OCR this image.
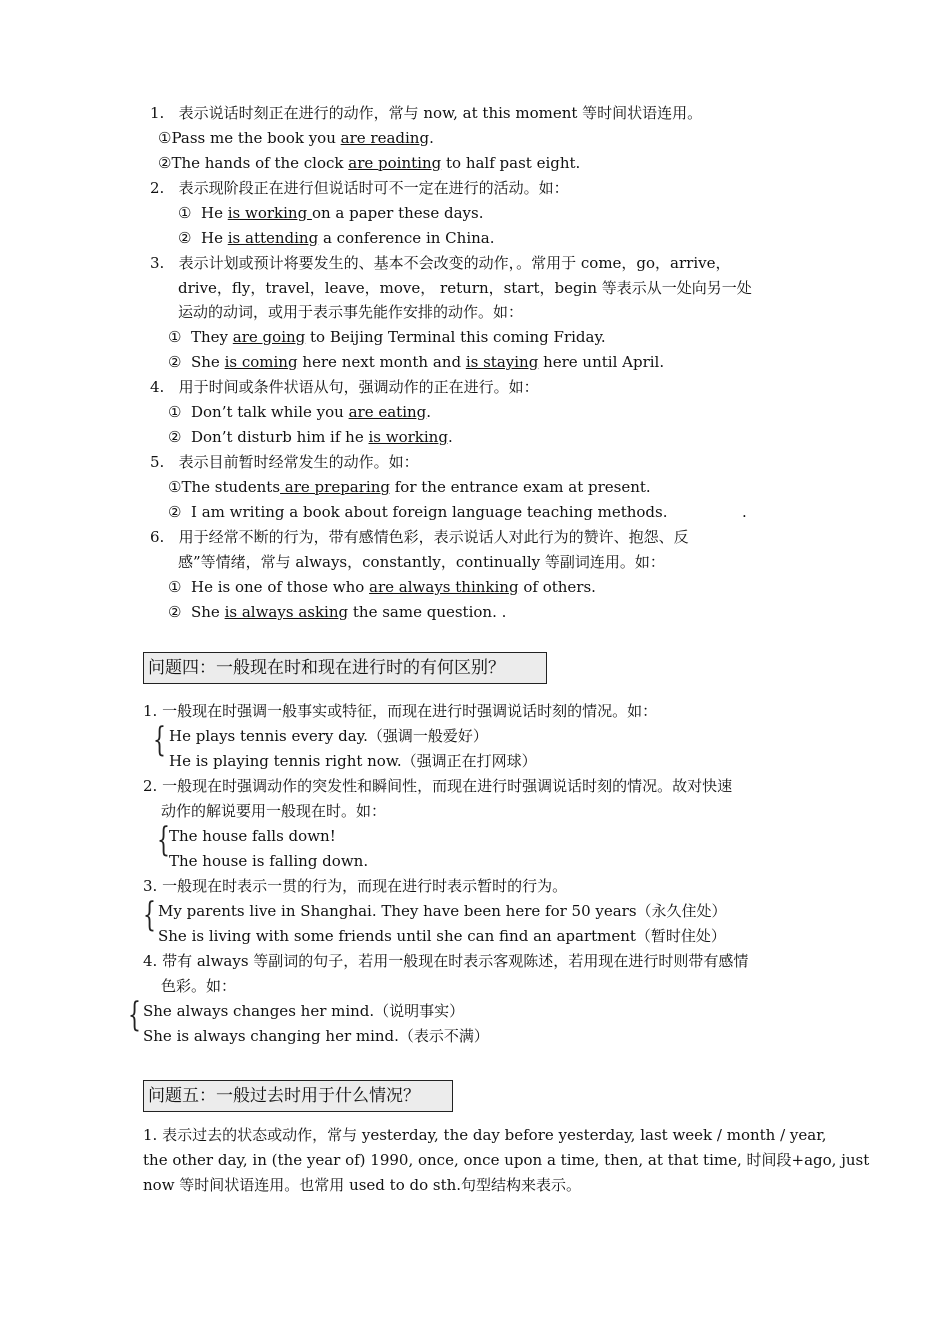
1. 表示说话时刻正在进行的动作，常与 now, at this moment 等时间状语连用。
①Pass me the book you are reading.
②The hands of the clock are pointing to half past eight.
2. 表示现阶段正在进行但说话时可不一定在进行的活动。如：
① He is working on a paper these days.
② He is attending a conference in China.
3. 表示计划或预计将要发生的、基本不会改变的动作，。常用于 come，go，arrive，
drive，fly，travel，leave，move， return，start，begin 等表示从一处向另一处
运动的动词，或用于表示事先能作安排的动作。如：
① They are going to Beijing Terminal this coming Friday.
② She is coming here next month and is staying here until April.
4. 用于时间或条件状语从句，强调动作的正在进行。如：
① Don’t talk while you are eating.
② Don’t disturb him if he is working.
5. 表示目前暂时经常发生的动作。如：
①The students are preparing for the entrance exam at present.
② I am writing a book about foreign language teaching methods.	.
6. 用于经常不断的行为，带有感情色彩，表示说话人对此行为的赞许、抱怨、反
感”等情绪，常与 always，constantly，continually 等副词连用。如：
① He is one of those who are always thinking of others.
② She is always asking the same question. .
问题四：一般现在时和现在进行时的有何区别？
1. 一般现在时强调一般事实或特征，而现在进行时强调说话时刻的情况。如：
{ He plays tennis every day.（强调一般爱好）
He is playing tennis right now.（强调正在打网球）
2. 一般现在时强调动作的突发性和瞬间性，而现在进行时强调说话时刻的情况。故对快速
动作的解说要用一般现在时。如：
{ The house falls down!
The house is falling down.
3. 一般现在时表示一贯的行为，而现在进行时表示暂时的行为。
{ My parents live in Shanghai. They have been here for 50 years（永久住处）
She is living with some friends until she can find an apartment（暂时住处）
4. 带有 always 等副词的句子，若用一般现在时表示客观陈述，若用现在进行时则带有感情
色彩。如：
{ She always changes her mind.（说明事实）
She is always changing her mind.（表示不满）
问题五：一般过去时用于什么情况？
1. 表示过去的状态或动作，常与 yesterday, the day before yesterday, last week / month / year,
the other day, in (the year of) 1990, once, once upon a time, then, at that time, 时间段+ago, just
now 等时间状语连用。也常用 used to do sth.句型结构来表示。
